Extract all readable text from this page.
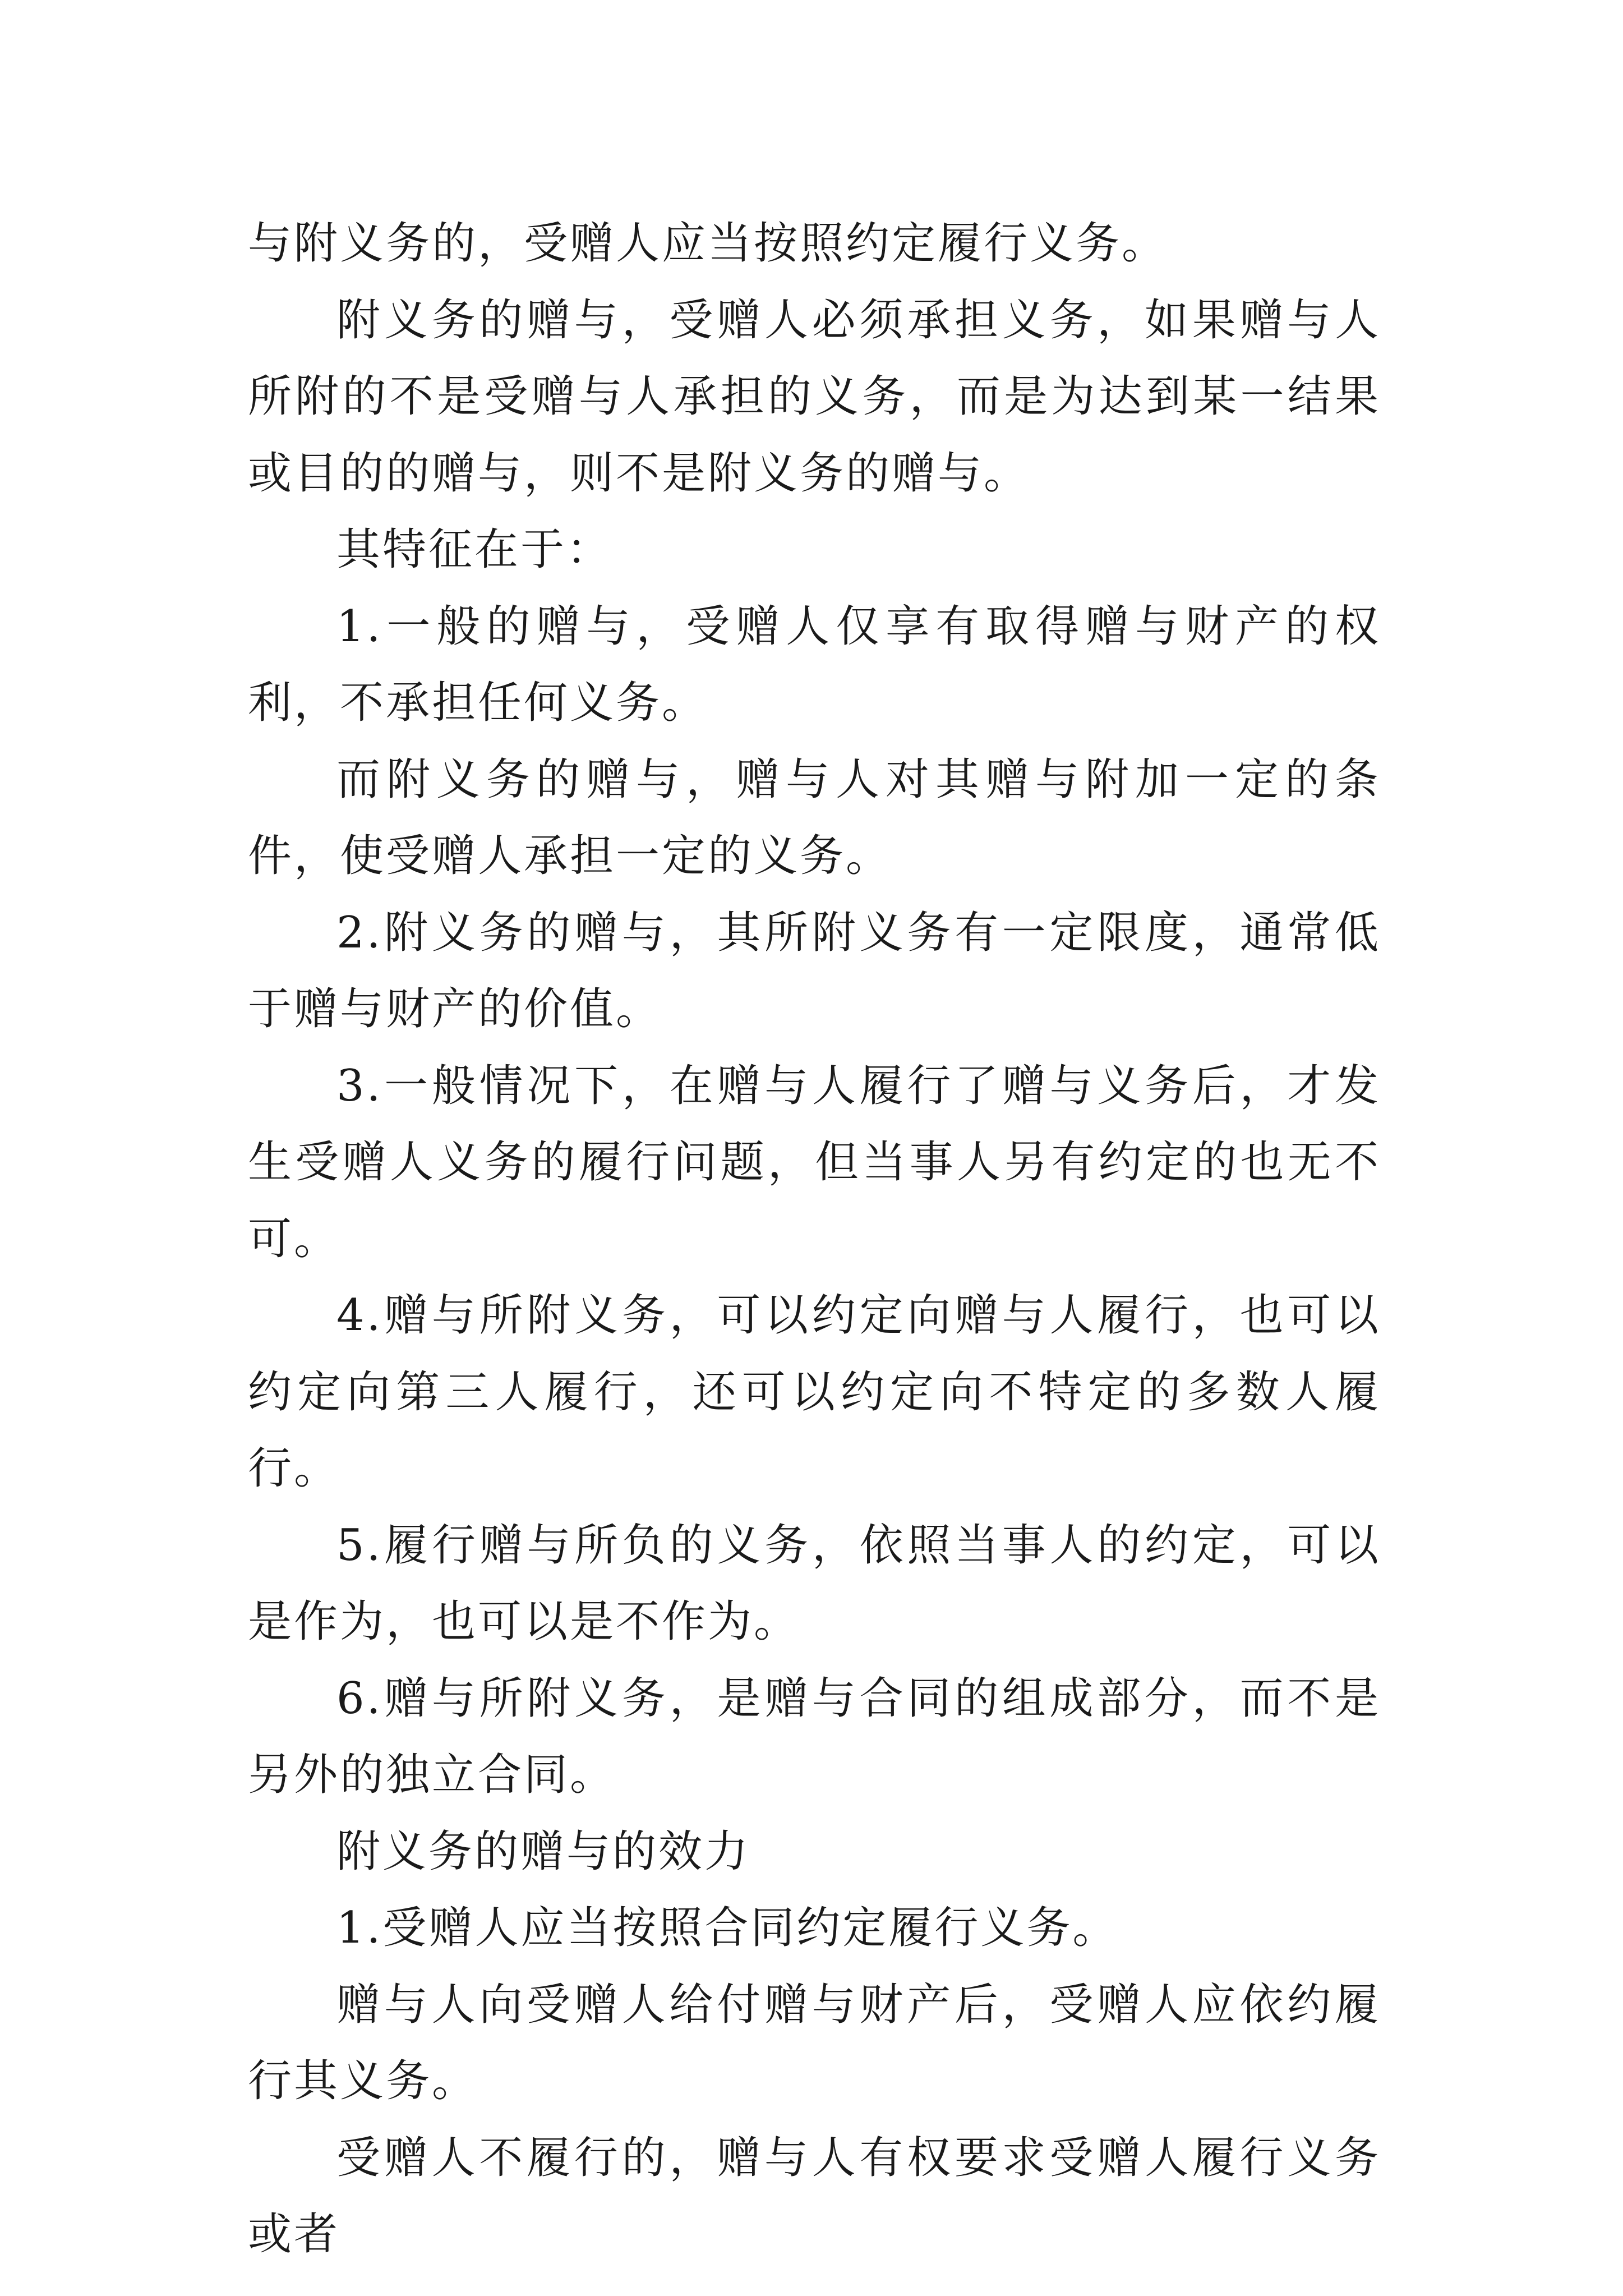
与附义务的，受赠人应当按照约定履行义务。

附义务的赠与，受赠人必须承担义务，如果赠与人所附的不是受赠与人承担的义务，而是为达到某一结果或目的的赠与，则不是附义务的赠与。

其特征在于：

1.一般的赠与，受赠人仅享有取得赠与财产的权利，不承担任何义务。

而附义务的赠与，赠与人对其赠与附加一定的条件，使受赠人承担一定的义务。

2.附义务的赠与，其所附义务有一定限度，通常低于赠与财产的价值。

3.一般情况下，在赠与人履行了赠与义务后，才发生受赠人义务的履行问题，但当事人另有约定的也无不可。

4.赠与所附义务，可以约定向赠与人履行，也可以约定向第三人履行，还可以约定向不特定的多数人履行。

5.履行赠与所负的义务，依照当事人的约定，可以是作为，也可以是不作为。

6.赠与所附义务，是赠与合同的组成部分，而不是另外的独立合同。

附义务的赠与的效力

1.受赠人应当按照合同约定履行义务。

赠与人向受赠人给付赠与财产后，受赠人应依约履行其义务。

受赠人不履行的，赠与人有权要求受赠人履行义务或者
